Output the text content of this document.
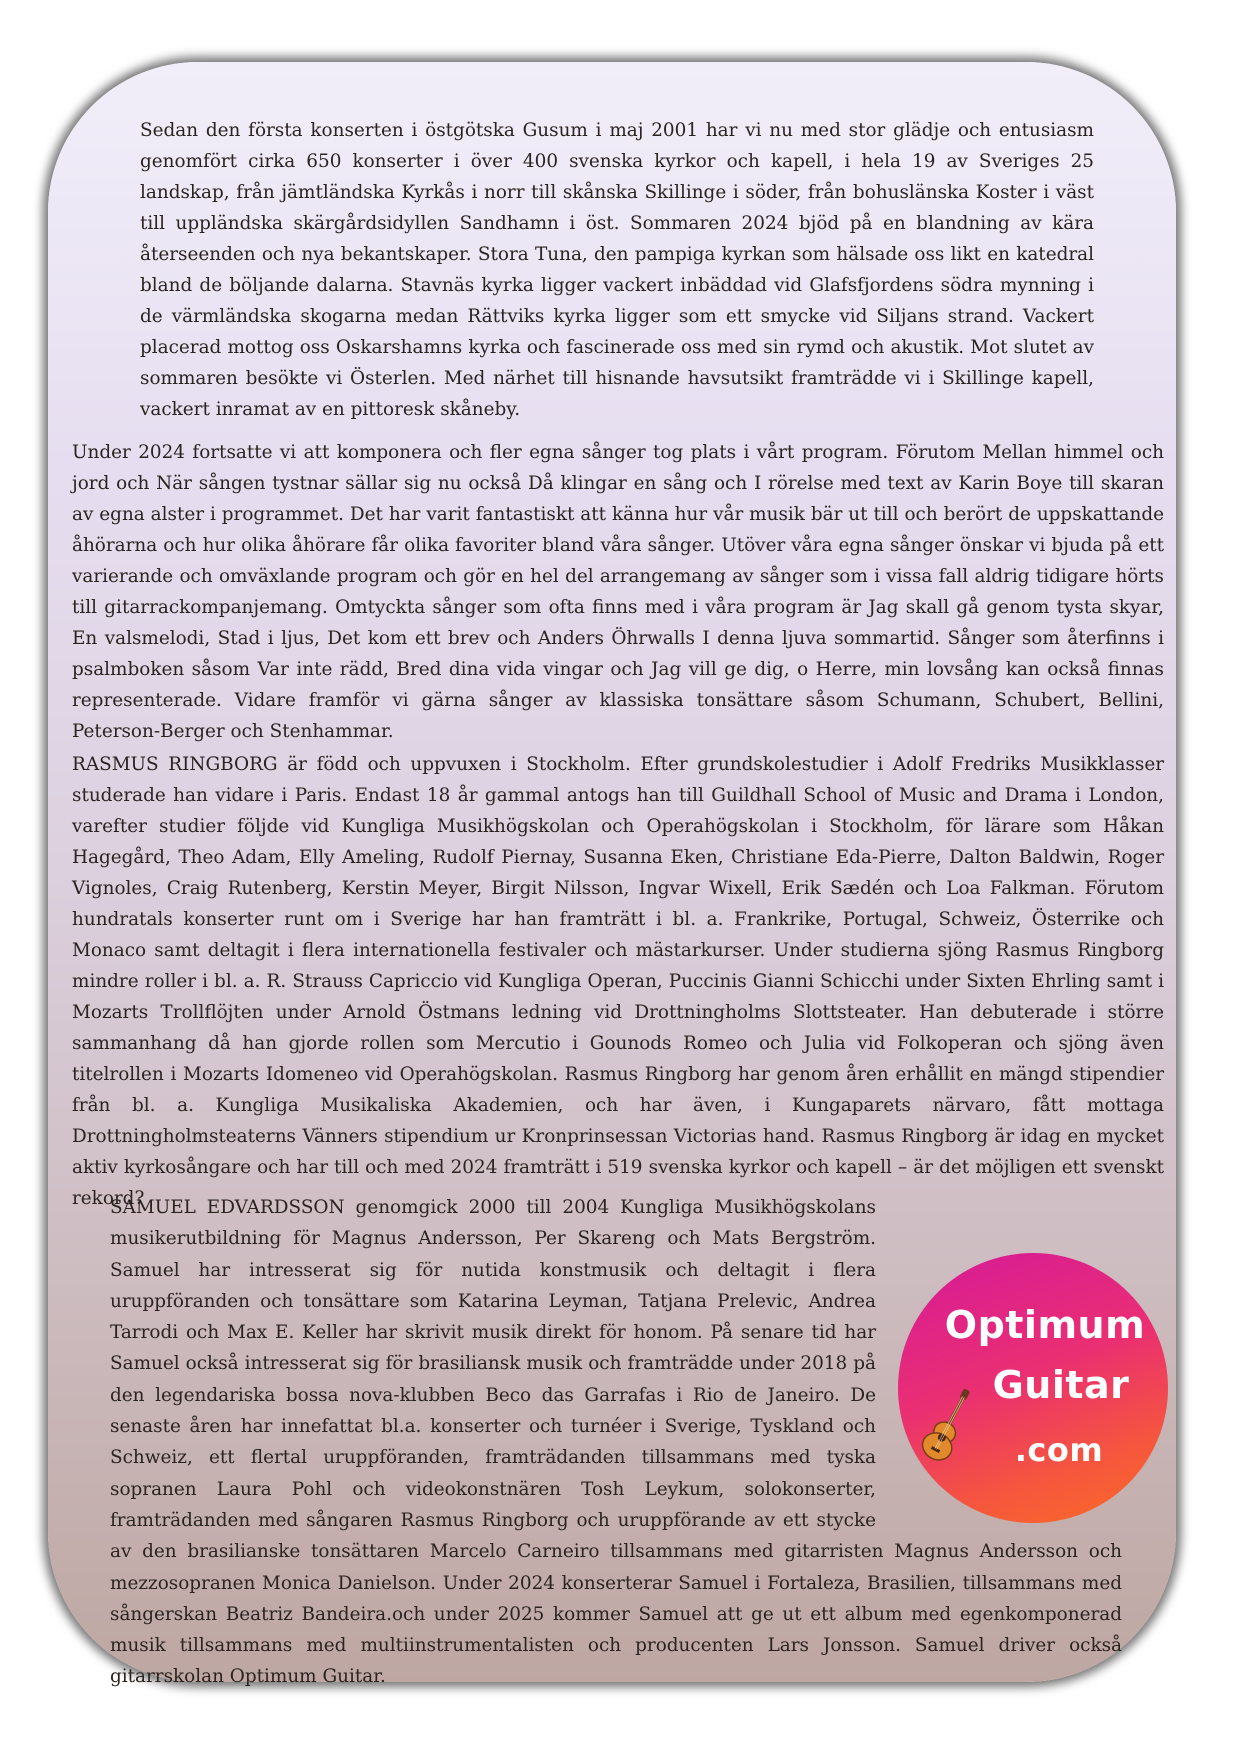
Sedan den första konserten i östgötska Gusum i maj 2001 har vi nu med stor glädje och entusiasm genomfört cirka 650 konserter i över 400 svenska kyrkor och kapell, i hela 19 av Sveriges 25 landskap, från jämtländska Kyrkås i norr till skånska Skillinge i söder, från bohuslänska Koster i väst till uppländska skärgårdsidyllen Sandhamn i öst. Sommaren 2024 bjöd på en blandning av kära återseenden och nya bekantskaper. Stora Tuna, den pampiga kyrkan som hälsade oss likt en katedral bland de böljande dalarna. Stavnäs kyrka ligger vackert inbäddad vid Glafsfjordens södra mynning i de värmländska skogarna medan Rättviks kyrka ligger som ett smycke vid Siljans strand. Vackert placerad mottog oss Oskarshamns kyrka och fascinerade oss med sin rymd och akustik. Mot slutet av sommaren besökte vi Österlen. Med närhet till hisnande havsutsikt framträdde vi i Skillinge kapell, vackert inramat av en pittoresk skåneby.

Under 2024 fortsatte vi att komponera och fler egna sånger tog plats i vårt program. Förutom Mellan himmel och jord och När sången tystnar sällar sig nu också Då klingar en sång och I rörelse med text av Karin Boye till skaran av egna alster i programmet. Det har varit fantastiskt att känna hur vår musik bär ut till och berört de uppskattande åhörarna och hur olika åhörare får olika favoriter bland våra sånger. Utöver våra egna sånger önskar vi bjuda på ett varierande och omväxlande program och gör en hel del arrangemang av sånger som i vissa fall aldrig tidigare hörts till gitarrackompanjemang. Omtyckta sånger som ofta finns med i våra program är Jag skall gå genom tysta skyar, En valsmelodi, Stad i ljus, Det kom ett brev och Anders Öhrwalls I denna ljuva sommartid. Sånger som återfinns i psalmboken såsom Var inte rädd, Bred dina vida vingar och Jag vill ge dig, o Herre, min lovsång kan också finnas representerade. Vidare framför vi gärna sånger av klassiska tonsättare såsom Schumann, Schubert, Bellini, Peterson-Berger och Stenhammar.

RASMUS RINGBORG är född och uppvuxen i Stockholm. Efter grundskolestudier i Adolf Fredriks Musikklasser studerade han vidare i Paris. Endast 18 år gammal antogs han till Guildhall School of Music and Drama i London, varefter studier följde vid Kungliga Musikhögskolan och Operahögskolan i Stockholm, för lärare som Håkan Hagegård, Theo Adam, Elly Ameling, Rudolf Piernay, Susanna Eken, Christiane Eda-Pierre, Dalton Baldwin, Roger Vignoles, Craig Rutenberg, Kerstin Meyer, Birgit Nilsson, Ingvar Wixell, Erik Sædén och Loa Falkman. Förutom hundratals konserter runt om i Sverige har han framträtt i bl. a. Frankrike, Portugal, Schweiz, Österrike och Monaco samt deltagit i flera internationella festivaler och mästarkurser. Under studierna sjöng Rasmus Ringborg mindre roller i bl. a. R. Strauss Capriccio vid Kungliga Operan, Puccinis Gianni Schicchi under Sixten Ehrling samt i Mozarts Trollflöjten under Arnold Östmans ledning vid Drottningholms Slottsteater. Han debuterade i större sammanhang då han gjorde rollen som Mercutio i Gounods Romeo och Julia vid Folkoperan och sjöng även titelrollen i Mozarts Idomeneo vid Operahögskolan. Rasmus Ringborg har genom åren erhållit en mängd stipendier från bl. a. Kungliga Musikaliska Akademien, och har även, i Kungaparets närvaro, fått mottaga Drottningholmsteaterns Vänners stipendium ur Kronprinsessan Victorias hand. Rasmus Ringborg är idag en mycket aktiv kyrkosångare och har till och med 2024 framträtt i 519 svenska kyrkor och kapell – är det möjligen ett svenskt rekord?

SAMUEL EDVARDSSON genomgick 2000 till 2004 Kungliga Musikhögskolans musikerutbildning för Magnus Andersson, Per Skareng och Mats Bergström. Samuel har intresserat sig för nutida konstmusik och deltagit i flera uruppföranden och tonsättare som Katarina Leyman, Tatjana Prelevic, Andrea Tarrodi och Max E. Keller har skrivit musik direkt för honom. På senare tid har Samuel också intresserat sig för brasiliansk musik och framträdde under 2018 på den legendariska bossa nova-klubben Beco das Garrafas i Rio de Janeiro. De senaste åren har innefattat bl.a. konserter och turnéer i Sverige, Tyskland och Schweiz, ett flertal uruppföranden, framträdanden tillsammans med tyska sopranen Laura Pohl och videokonstnären Tosh Leykum, solokonserter, framträdanden med sångaren Rasmus Ringborg och uruppförande av ett stycke av den brasilianske tonsättaren Marcelo Carneiro tillsammans med gitarristen Magnus Andersson och mezzosopranen Monica Danielson. Under 2024 konserterar Samuel i Fortaleza, Brasilien, tillsammans med sångerskan Beatriz Bandeira.och under 2025 kommer Samuel att ge ut ett album med egenkomponerad musik tillsammans med multiinstrumentalisten och producenten Lars Jonsson. Samuel driver också gitarrskolan Optimum Guitar.
Optimum
Guitar
.com
